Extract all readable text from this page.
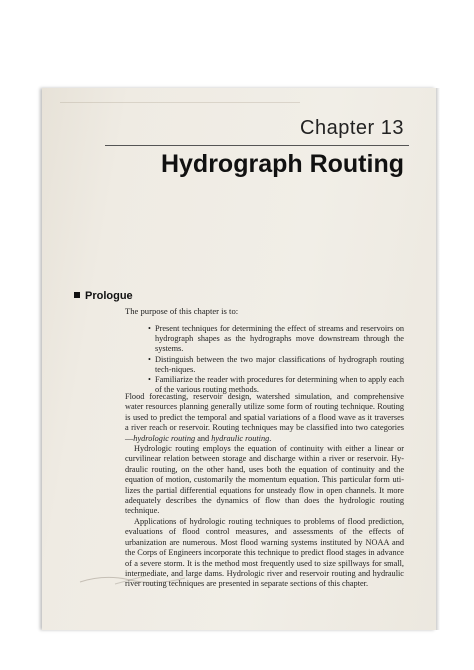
Chapter 13
Hydrograph Routing
Prologue
The purpose of this chapter is to:
• Present techniques for determining the effect of streams and reservoirs on hydrograph shapes as the hydrographs move downstream through the systems.
• Distinguish between the two major classifications of hydrograph routing tech-niques.
• Familiarize the reader with procedures for determining when to apply each of the various routing methods.

Flood forecasting, reservoir design, watershed simulation, and comprehensive water resources planning generally utilize some form of routing technique. Routing is used to predict the temporal and spatial variations of a flood wave as it traverses a river reach or reservoir. Routing techniques may be classified into two categories—hydrologic routing and hydraulic routing.

Hydrologic routing employs the equation of continuity with either a linear or curvilinear relation between storage and discharge within a river or reservoir. Hy-draulic routing, on the other hand, uses both the equation of continuity and the equation of motion, customarily the momentum equation. This particular form uti-lizes the partial differential equations for unsteady flow in open channels. It more adequately describes the dynamics of flow than does the hydrologic routing technique.

Applications of hydrologic routing techniques to problems of flood prediction, evaluations of flood control measures, and assessments of the effects of urbanization are numerous. Most flood warning systems instituted by NOAA and the Corps of Engineers incorporate this technique to predict flood stages in advance of a severe storm. It is the method most frequently used to size spillways for small, intermediate, and large dams. Hydrologic river and reservoir routing and hydraulic river routing techniques are presented in separate sections of this chapter.
